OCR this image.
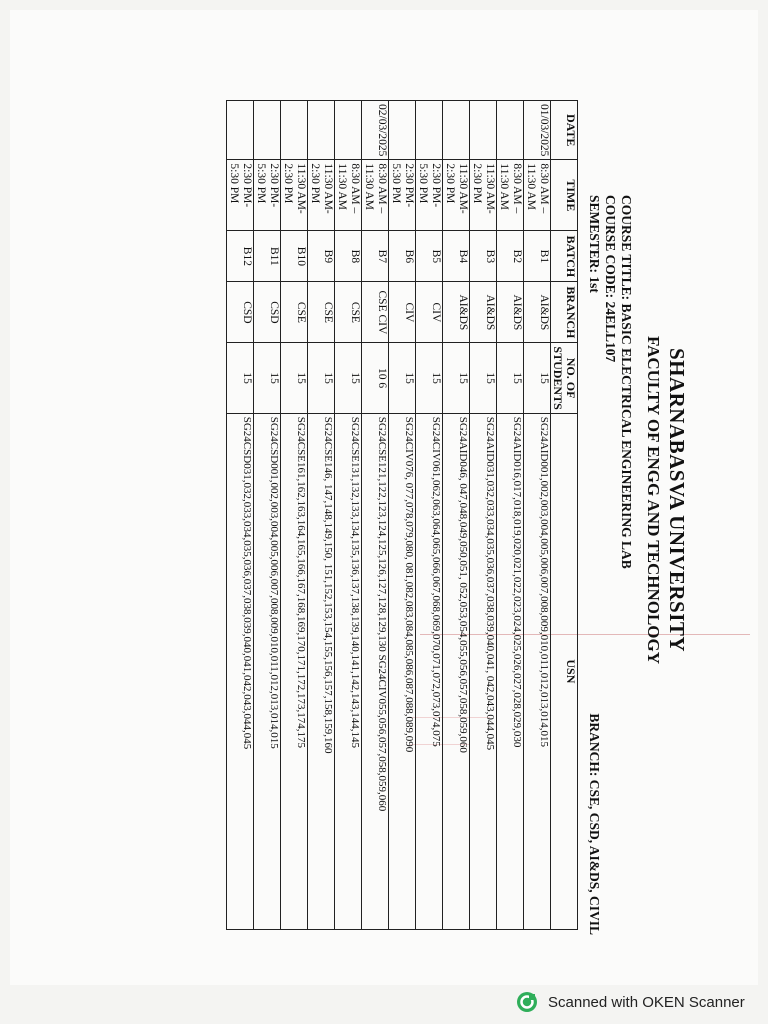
SHARNABASVA UNIVERSITY

FACULTY OF ENGG AND TECHNOLOGY

COURSE TITLE: BASIC ELECTRICAL ENGINEERING LAB
COURSE CODE: 24ELL107
SEMESTER: 1st
BRANCH: CSE, CSD, AI&DS, CIVIL
DATE	TIME	BATCH	BRANCH	NO. OF STUDENTS	USN
01/03/2025	8:30 AM – 11:30 AM	B1	AI&DS	15	SG24AID001,002,003,004,005,006,007,008,009,010,011,012,013,014,015
	8:30 AM – 11:30 AM	B2	AI&DS	15	SG24AID016,017,018,019,020,021,022,023,024,025,026,027,028,029,030
	11:30 AM- 2:30 PM	B3	AI&DS	15	SG24AID031,032,033,034,035,036,037,038,039,040,041, 042,043,044,045
	11:30 AM- 2:30 PM	B4	AI&DS	15	SG24AID046, 047,048,049,050,051, 052,053,054,055,056,057,058,059,060
	2:30 PM- 5:30 PM	B5	CIV	15	SG24CIV061,062,063,064,065,066,067,068,069,070,071,072,073,074,075
	2:30 PM- 5:30 PM	B6	CIV	15	SG24CIV076, 077,078,079,080, 081,082,083,084,085,086,087,088,089,090
02/03/2025	8:30 AM – 11:30 AM	B7	CSE CIV	10 6	SG24CSE121,122,123,124,125,126,127,128,129,130 SG24CIV055,056,057,058,059,060
	8:30 AM – 11:30 AM	B8	CSE	15	SG24CSE131,132,133,134,135,136,137,138,139,140,141,142,143,144,145
	11:30 AM- 2:30 PM	B9	CSE	15	SG24CSE146, 147,148,149,150, 151,152,153,154,155,156,157,158,159,160
	11:30 AM- 2:30 PM	B10	CSE	15	SG24CSE161,162,163,164,165,166,167,168,169,170,171,172,173,174,175
	2:30 PM- 5:30 PM	B11	CSD	15	SG24CSD001,002,003,004,005,006,007,008,009,010,011,012,013,014,015
	2:30 PM- 5:30 PM	B12	CSD	15	SG24CSD031,032,033,034,035,036,037,038,039,040,041,042,043,044,045
Scanned with OKEN Scanner
